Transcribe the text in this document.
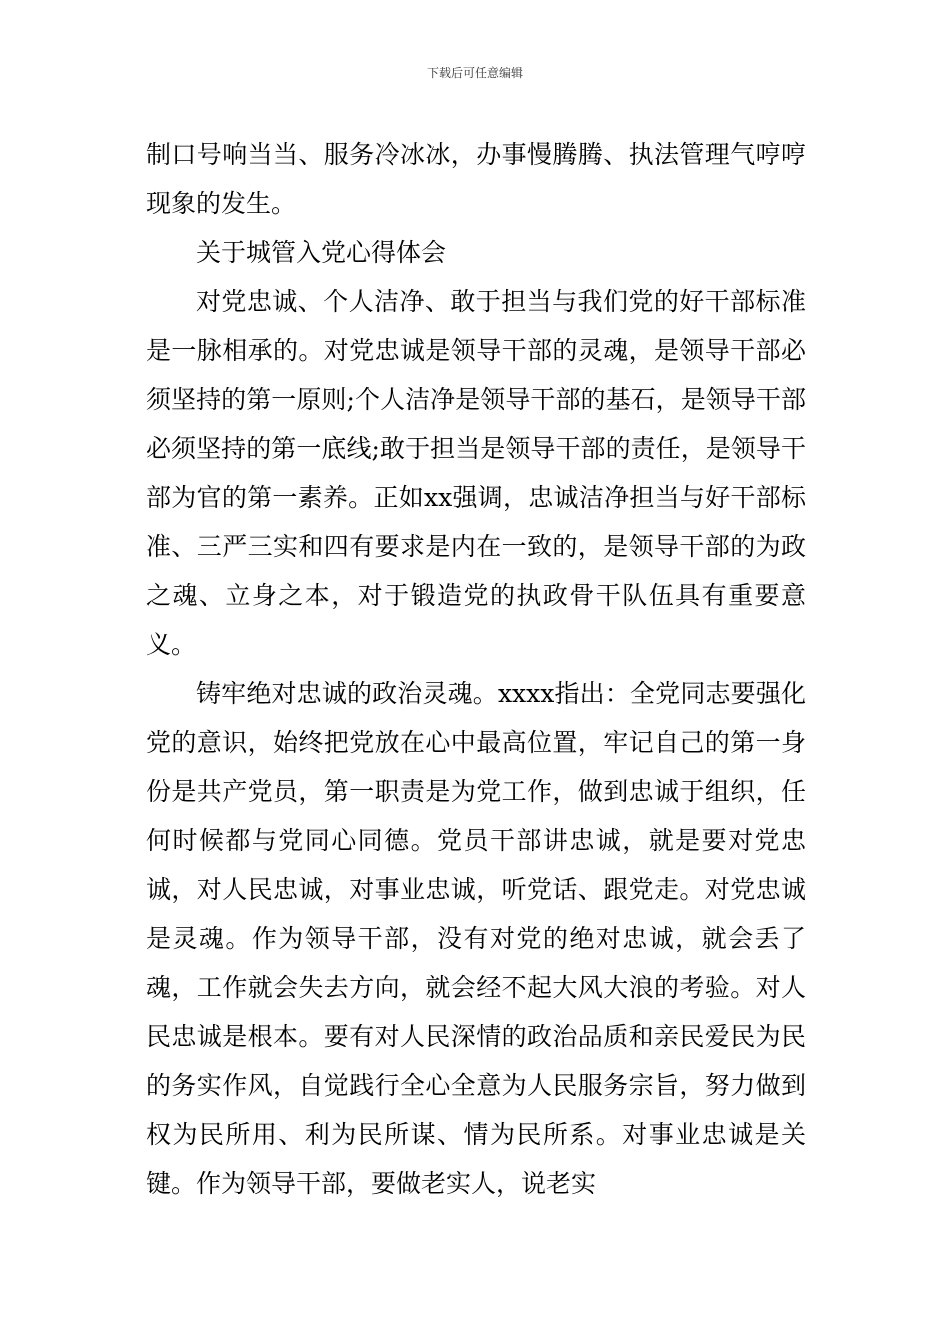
下载后可任意编辑

制口号响当当、服务冷冰冰，办事慢腾腾、执法管理气哼哼现象的发生。

关于城管入党心得体会

对党忠诚、个人洁净、敢于担当与我们党的好干部标准是一脉相承的。对党忠诚是领导干部的灵魂，是领导干部必须坚持的第一原则;个人洁净是领导干部的基石，是领导干部必须坚持的第一底线;敢于担当是领导干部的责任，是领导干部为官的第一素养。正如xx强调，忠诚洁净担当与好干部标准、三严三实和四有要求是内在一致的，是领导干部的为政之魂、立身之本，对于锻造党的执政骨干队伍具有重要意义。

铸牢绝对忠诚的政治灵魂。xxxx指出：全党同志要强化党的意识，始终把党放在心中最高位置，牢记自己的第一身份是共产党员，第一职责是为党工作，做到忠诚于组织，任何时候都与党同心同德。党员干部讲忠诚，就是要对党忠诚，对人民忠诚，对事业忠诚，听党话、跟党走。对党忠诚是灵魂。作为领导干部，没有对党的绝对忠诚，就会丢了魂，工作就会失去方向，就会经不起大风大浪的考验。对人民忠诚是根本。要有对人民深情的政治品质和亲民爱民为民的务实作风，自觉践行全心全意为人民服务宗旨，努力做到权为民所用、利为民所谋、情为民所系。对事业忠诚是关键。作为领导干部，要做老实人，说老实
